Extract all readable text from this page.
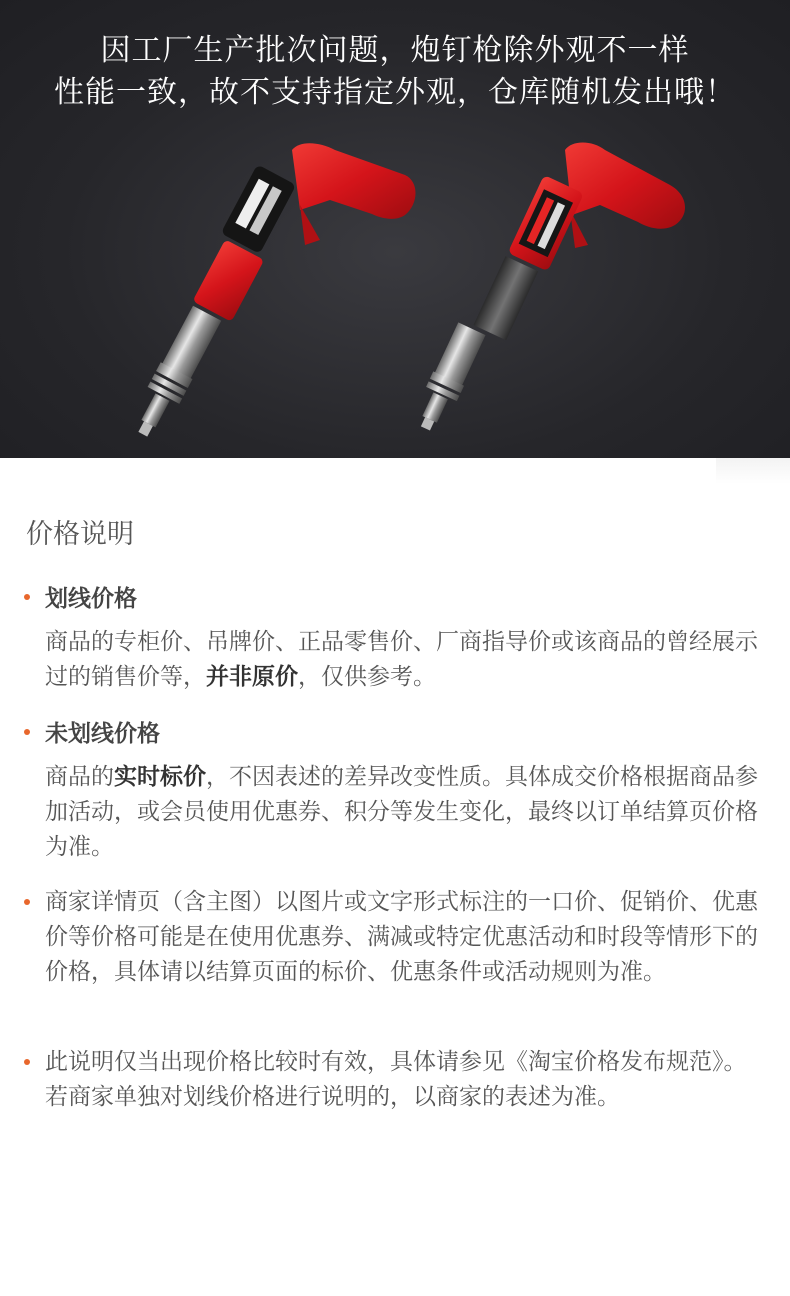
因工厂生产批次问题，炮钉枪除外观不一样
性能一致，故不支持指定外观，仓库随机发出哦！
价格说明
划线价格
商品的专柜价、吊牌价、正品零售价、厂商指导价或该商品的曾经展示过的销售价等，并非原价，仅供参考。
未划线价格
商品的实时标价，不因表述的差异改变性质。具体成交价格根据商品参加活动，或会员使用优惠券、积分等发生变化，最终以订单结算页价格为准。
商家详情页（含主图）以图片或文字形式标注的一口价、促销价、优惠价等价格可能是在使用优惠券、满减或特定优惠活动和时段等情形下的价格，具体请以结算页面的标价、优惠条件或活动规则为准。
此说明仅当出现价格比较时有效，具体请参见《淘宝价格发布规范》。若商家单独对划线价格进行说明的，以商家的表述为准。
